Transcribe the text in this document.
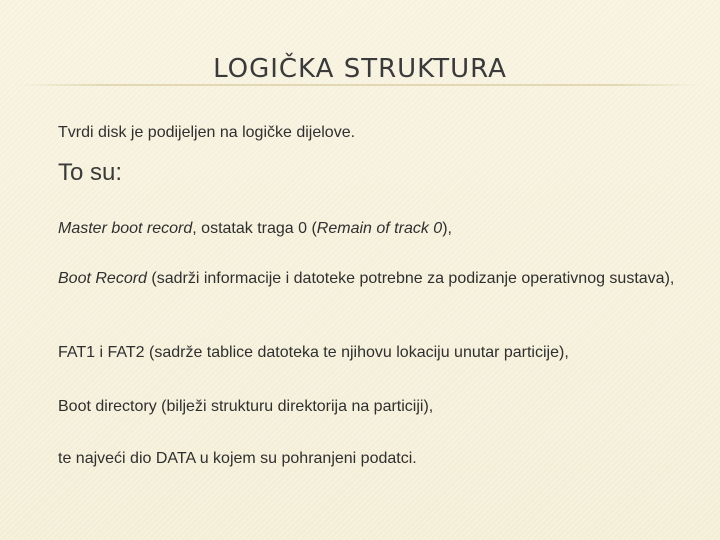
LOGIČKA STRUKTURA
Tvrdi disk je podijeljen na logičke dijelove.
To su:
Master boot record, ostatak traga 0 (Remain of track 0),
Boot Record (sadrži informacije i datoteke potrebne za podizanje operativnog sustava),
FAT1 i FAT2 (sadrže tablice datoteka te njihovu lokaciju unutar particije),
Boot directory (bilježi strukturu direktorija na particiji),
te najveći dio DATA u kojem su pohranjeni podatci.
